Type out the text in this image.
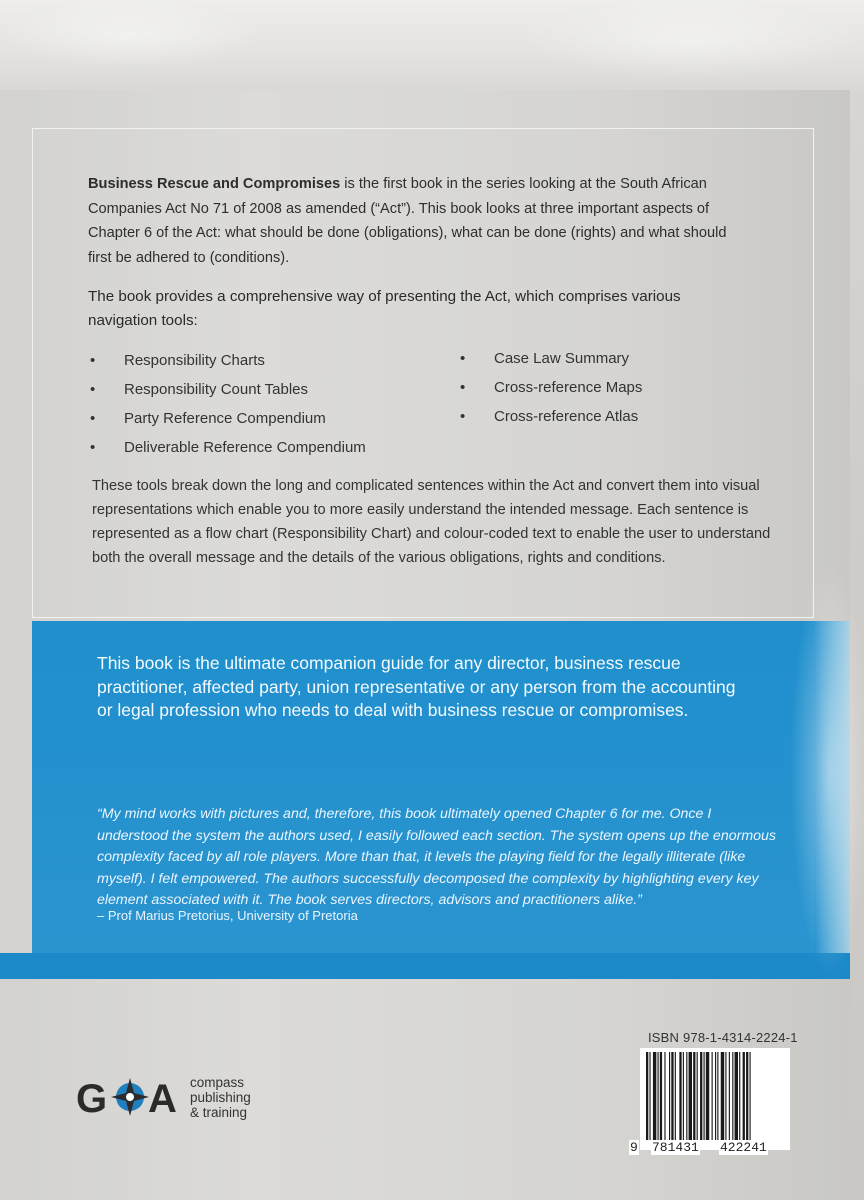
Business Rescue and Compromises is the first book in the series looking at the South African Companies Act No 71 of 2008 as amended (“Act”). This book looks at three important aspects of Chapter 6 of the Act: what should be done (obligations), what can be done (rights) and what should first be adhered to (conditions).
The book provides a comprehensive way of presenting the Act, which comprises various navigation tools:
• Responsibility Charts
• Responsibility Count Tables
• Party Reference Compendium
• Deliverable Reference Compendium
• Case Law Summary
• Cross-reference Maps
• Cross-reference Atlas
These tools break down the long and complicated sentences within the Act and convert them into visual representations which enable you to more easily understand the intended message. Each sentence is represented as a flow chart (Responsibility Chart) and colour-coded text to enable the user to understand both the overall message and the details of the various obligations, rights and conditions.
This book is the ultimate companion guide for any director, business rescue practitioner, affected party, union representative or any person from the accounting or legal profession who needs to deal with business rescue or compromises.
“My mind works with pictures and, therefore, this book ultimately opened Chapter 6 for me. Once I understood the system the authors used, I easily followed each section. The system opens up the enormous complexity faced by all role players. More than that, it levels the playing field for the legally illiterate (like myself). I felt empowered. The authors successfully decomposed the complexity by highlighting every key element associated with it. The book serves directors, advisors and practitioners alike.”
– Prof Marius Pretorius, University of Pretoria
ISBN 978-1-4314-2224-1
9 781431 422241
G A compass
publishing
& training
